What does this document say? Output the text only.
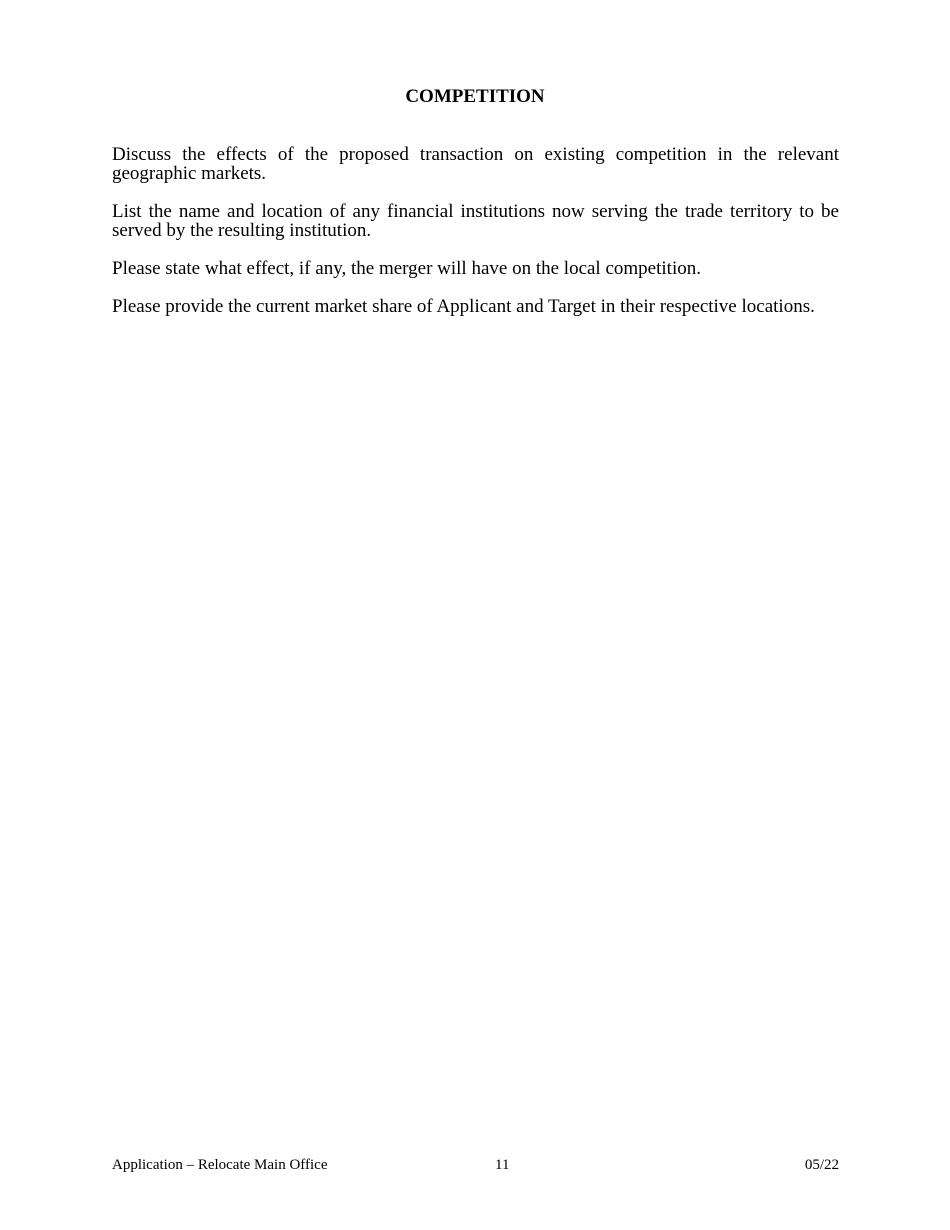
COMPETITION

Discuss the effects of the proposed transaction on existing competition in the relevant geographic markets.

List the name and location of any financial institutions now serving the trade territory to be served by the resulting institution.

Please state what effect, if any, the merger will have on the local competition.

Please provide the current market share of Applicant and Target in their respective locations.

Application – Relocate Main Office	11	05/22
